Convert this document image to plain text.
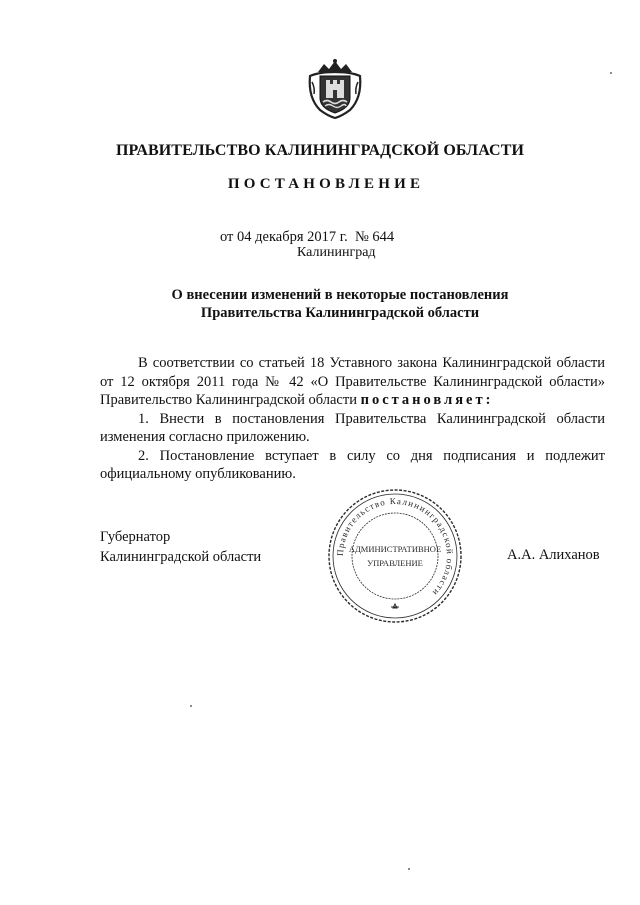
ПРАВИТЕЛЬСТВО КАЛИНИНГРАДСКОЙ ОБЛАСТИ
ПОСТАНОВЛЕНИЕ
от 04 декабря 2017 г.  № 644
Калининград
О внесении изменений в некоторые постановления
Правительства Калининградской области

В соответствии со статьей 18 Уставного закона Калининградской области от 12 октября 2011 года № 42 «О Правительстве Калининградской области» Правительство Калининградской области постановляет:

1. Внести в постановления Правительства Калининградской области изменения согласно приложению.

2. Постановление вступает в силу со дня подписания и подлежит официальному опубликованию.

Губернатор
Калининградской области	А.А. Алиханов
Правительство Калининградской области
АДМИНИСТРАТИВНОЕ
УПРАВЛЕНИЕ
